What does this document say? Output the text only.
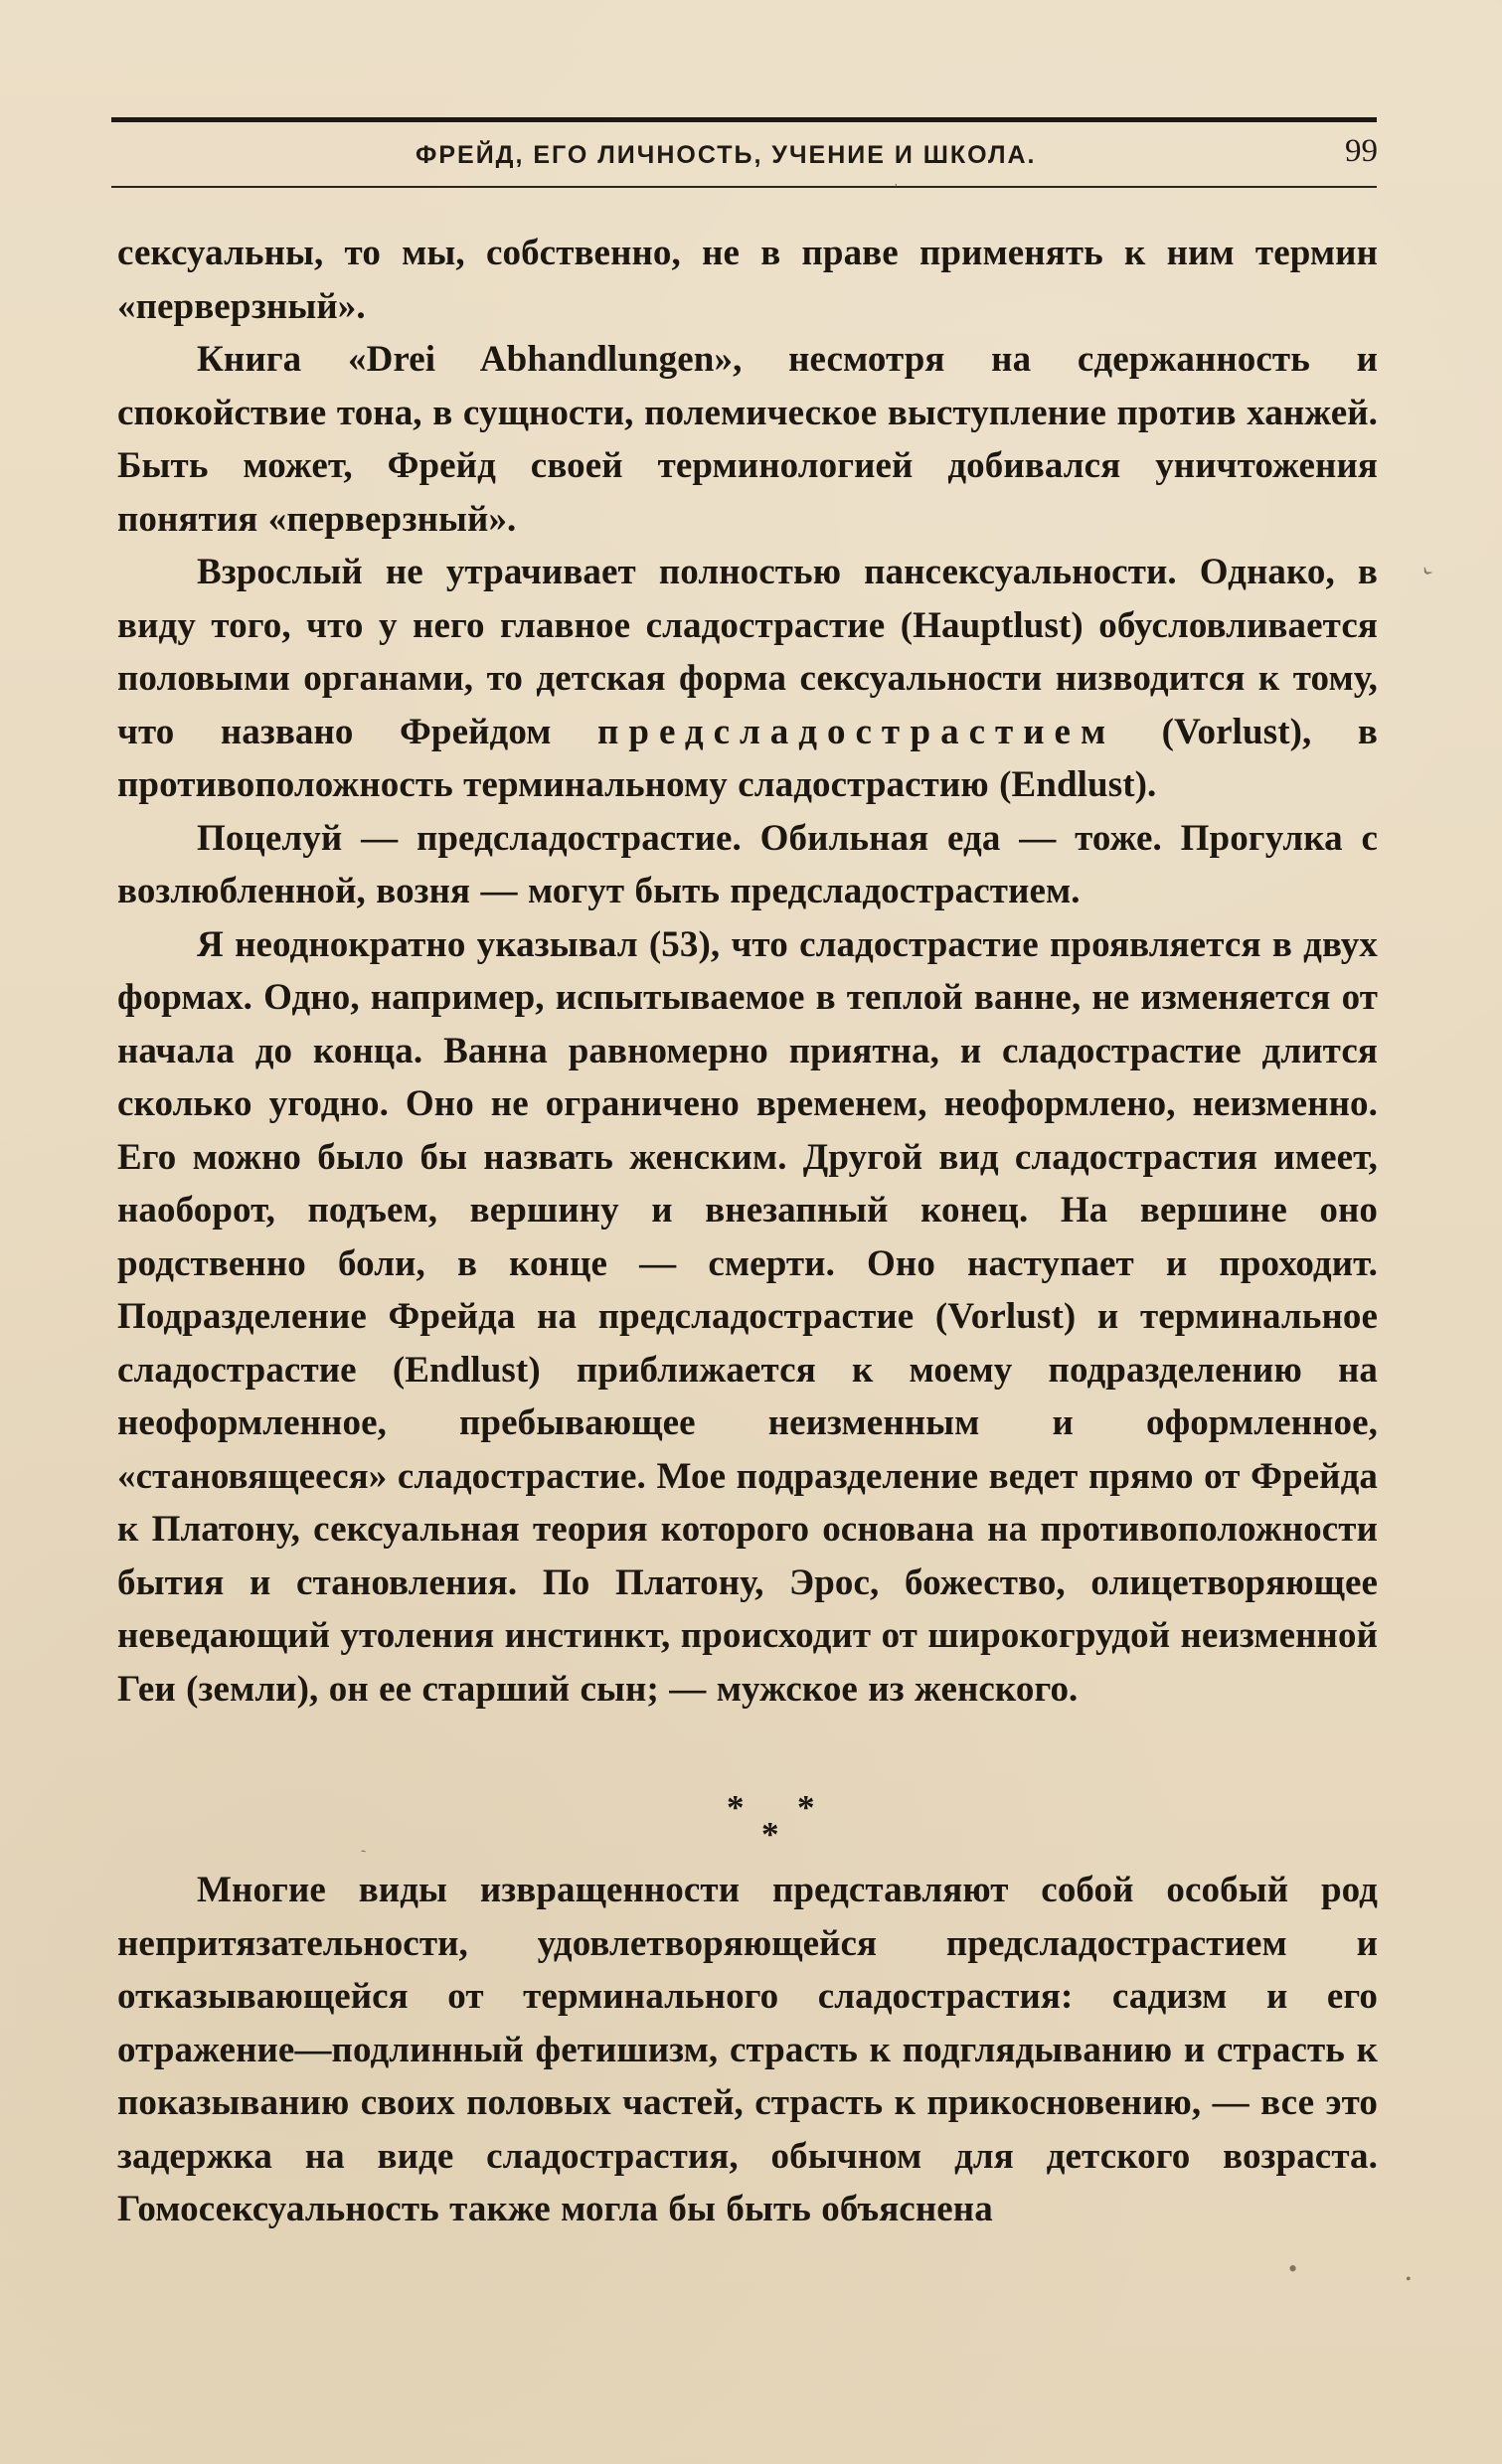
ФРЕЙД, ЕГО ЛИЧНОСТЬ, УЧЕНИЕ И ШКОЛА.	99

сексуальны, то мы, собственно, не в праве применять к ним термин «перверзный».

Книга «Drei Abhandlungen», несмотря на сдержанность и спокойствие тона, в сущности, полемическое выступление против ханжей. Быть может, Фрейд своей терминологией добивался уничтожения понятия «перверзный».

Взрослый не утрачивает полностью пансексуальности. Однако, в виду того, что у него главное сладострастие (Hauptlust) обусловливается половыми органами, то детская форма сексуальности низводится к тому, что названо Фрейдом предсладострастием (Vorlust), в противоположность терминальному сладострастию (Endlust).

Поцелуй — предсладострастие. Обильная еда — тоже. Прогулка с возлюбленной, возня — могут быть предсладострастием.

Я неоднократно указывал (53), что сладострастие проявляется в двух формах. Одно, например, испытываемое в теплой ванне, не изменяется от начала до конца. Ванна равномерно приятна, и сладострастие длится сколько угодно. Оно не ограничено временем, неоформлено, неизменно. Его можно было бы назвать женским. Другой вид сладострастия имеет, наоборот, подъем, вершину и внезапный конец. На вершине оно родственно боли, в конце — смерти. Оно наступает и проходит. Подразделение Фрейда на предсладострастие (Vorlust) и терминальное сладострастие (Endlust) приближается к моему подразделению на неоформленное, пребывающее неизменным и оформленное, «становящееся» сладострастие. Мое подразделение ведет прямо от Фрейда к Платону, сексуальная теория которого основана на противоположности бытия и становления. По Платону, Эрос, божество, олицетворяющее неведающий утоления инстинкт, происходит от широкогрудой неизменной Геи (земли), он ее старший сын; — мужское из женского.

* *
*

Многие виды извращенности представляют собой особый род непритязательности, удовлетворяющейся предсладострастием и отказывающейся от терминального сладострастия: садизм и его отражение—подлинный фетишизм, страсть к подглядыванию и страсть к показыванию своих половых частей, страсть к прикосновению, — все это задержка на виде сладострастия, обычном для детского возраста. Гомосексуальность также могла бы быть объяснена

ˇ
ˈ
ˏ
•	•
